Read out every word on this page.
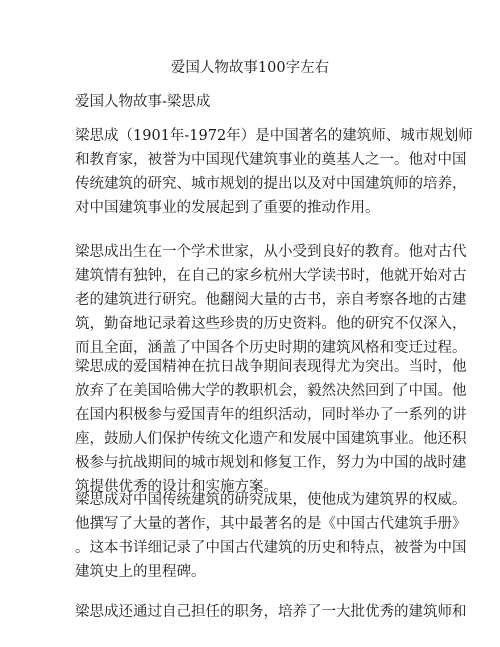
爱国人物故事100字左右
爱国人物故事-梁思成
梁思成（1901年-1972年）是中国著名的建筑师、城市规划师
和教育家，被誉为中国现代建筑事业的奠基人之一。他对中国
传统建筑的研究、城市规划的提出以及对中国建筑师的培养，
对中国建筑事业的发展起到了重要的推动作用。
梁思成出生在一个学术世家，从小受到良好的教育。他对古代
建筑情有独钟，在自己的家乡杭州大学读书时，他就开始对古
老的建筑进行研究。他翻阅大量的古书，亲自考察各地的古建
筑，勤奋地记录着这些珍贵的历史资料。他的研究不仅深入，
而且全面，涵盖了中国各个历史时期的建筑风格和变迁过程。
梁思成的爱国精神在抗日战争期间表现得尤为突出。当时，他
放弃了在美国哈佛大学的教职机会，毅然决然回到了中国。他
在国内积极参与爱国青年的组织活动，同时举办了一系列的讲
座，鼓励人们保护传统文化遗产和发展中国建筑事业。他还积
极参与抗战期间的城市规划和修复工作，努力为中国的战时建
筑提供优秀的设计和实施方案。
梁思成对中国传统建筑的研究成果，使他成为建筑界的权威。
他撰写了大量的著作，其中最著名的是《中国古代建筑手册》
。这本书详细记录了中国古代建筑的历史和特点，被誉为中国
建筑史上的里程碑。
梁思成还通过自己担任的职务，培养了一大批优秀的建筑师和
